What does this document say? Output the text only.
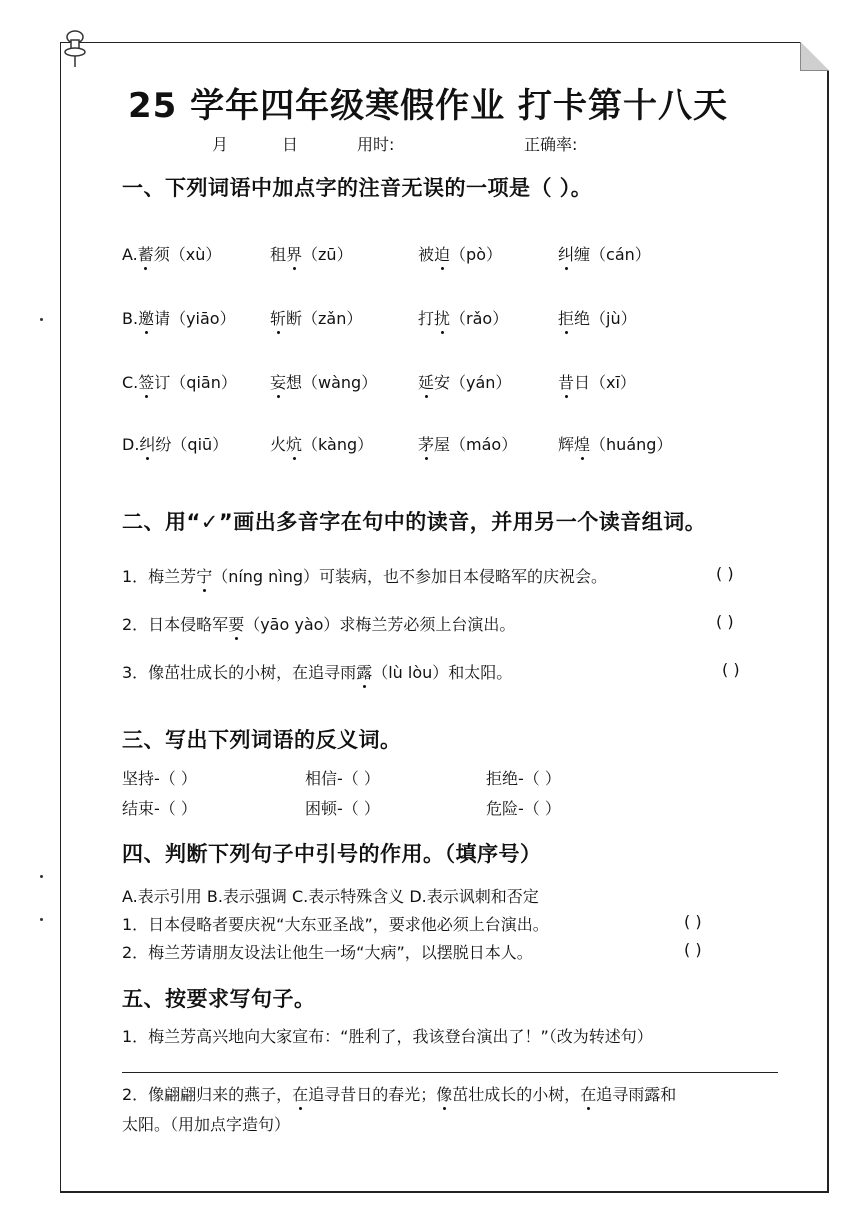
25 学年四年级寒假作业 打卡第十八天
月	日	用时:	正确率:
一、下列词语中加点字的注音无误的一项是（ ）。
A.蓄须（xù）	租界（zū）	被迫（pò）	纠缠（cán）
B.邀请（yiāo） 斩断（zǎn）	打扰（rǎo）	拒绝（jù）
C.签订（qiān） 妄想（wàng）	延安（yán）	昔日（xī）
D.纠纷（qiū）	火炕（kàng）	茅屋（máo）	辉煌（huáng）
二、用“✓”画出多音字在句中的读音，并用另一个读音组词。
1．梅兰芳宁（níng nìng）可装病，也不参加日本侵略军的庆祝会。	( )
2．日本侵略军要（yāo yào）求梅兰芳必须上台演出。	( )
3．像茁壮成长的小树，在追寻雨露（lù lòu）和太阳。	( )
三、写出下列词语的反义词。
坚持-（ ）	相信-（ ）	拒绝-（ ）
结束-（ ）	困顿-（ ）	危险-（ ）
四、判断下列句子中引号的作用。（填序号）
A.表示引用 B.表示强调 C.表示特殊含义 D.表示讽刺和否定
1．日本侵略者要庆祝“大东亚圣战”，要求他必须上台演出。	( )
2．梅兰芳请朋友设法让他生一场“大病”，以摆脱日本人。	( )
五、按要求写句子。
1．梅兰芳高兴地向大家宣布：“胜利了，我该登台演出了！”（改为转述句）
2．像翩翩归来的燕子，在追寻昔日的春光；像茁壮成长的小树，在追寻雨露和
太阳。（用加点字造句）
